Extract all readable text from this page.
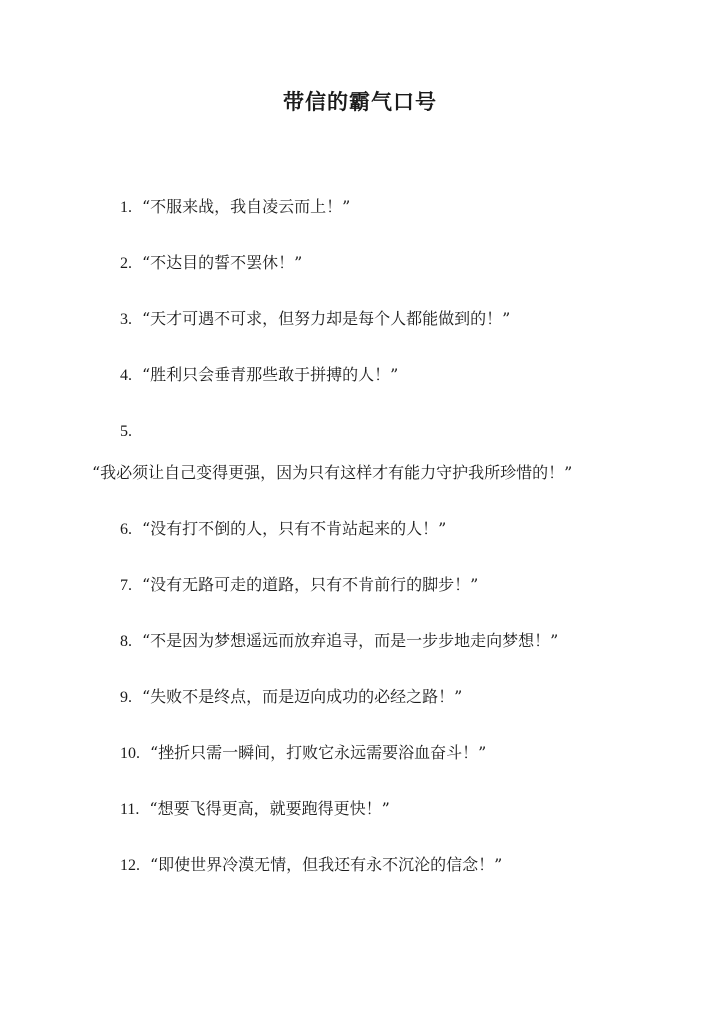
带信的霸气口号
1. “不服来战，我自凌云而上！”
2. “不达目的誓不罢休！”
3. “天才可遇不可求，但努力却是每个人都能做到的！”
4. “胜利只会垂青那些敢于拼搏的人！”
5.
“我必须让自己变得更强，因为只有这样才有能力守护我所珍惜的！”
6. “没有打不倒的人，只有不肯站起来的人！”
7. “没有无路可走的道路，只有不肯前行的脚步！”
8. “不是因为梦想遥远而放弃追寻，而是一步步地走向梦想！”
9. “失败不是终点，而是迈向成功的必经之路！”
10. “挫折只需一瞬间，打败它永远需要浴血奋斗！”
11. “想要飞得更高，就要跑得更快！”
12. “即使世界冷漠无情，但我还有永不沉沦的信念！”
